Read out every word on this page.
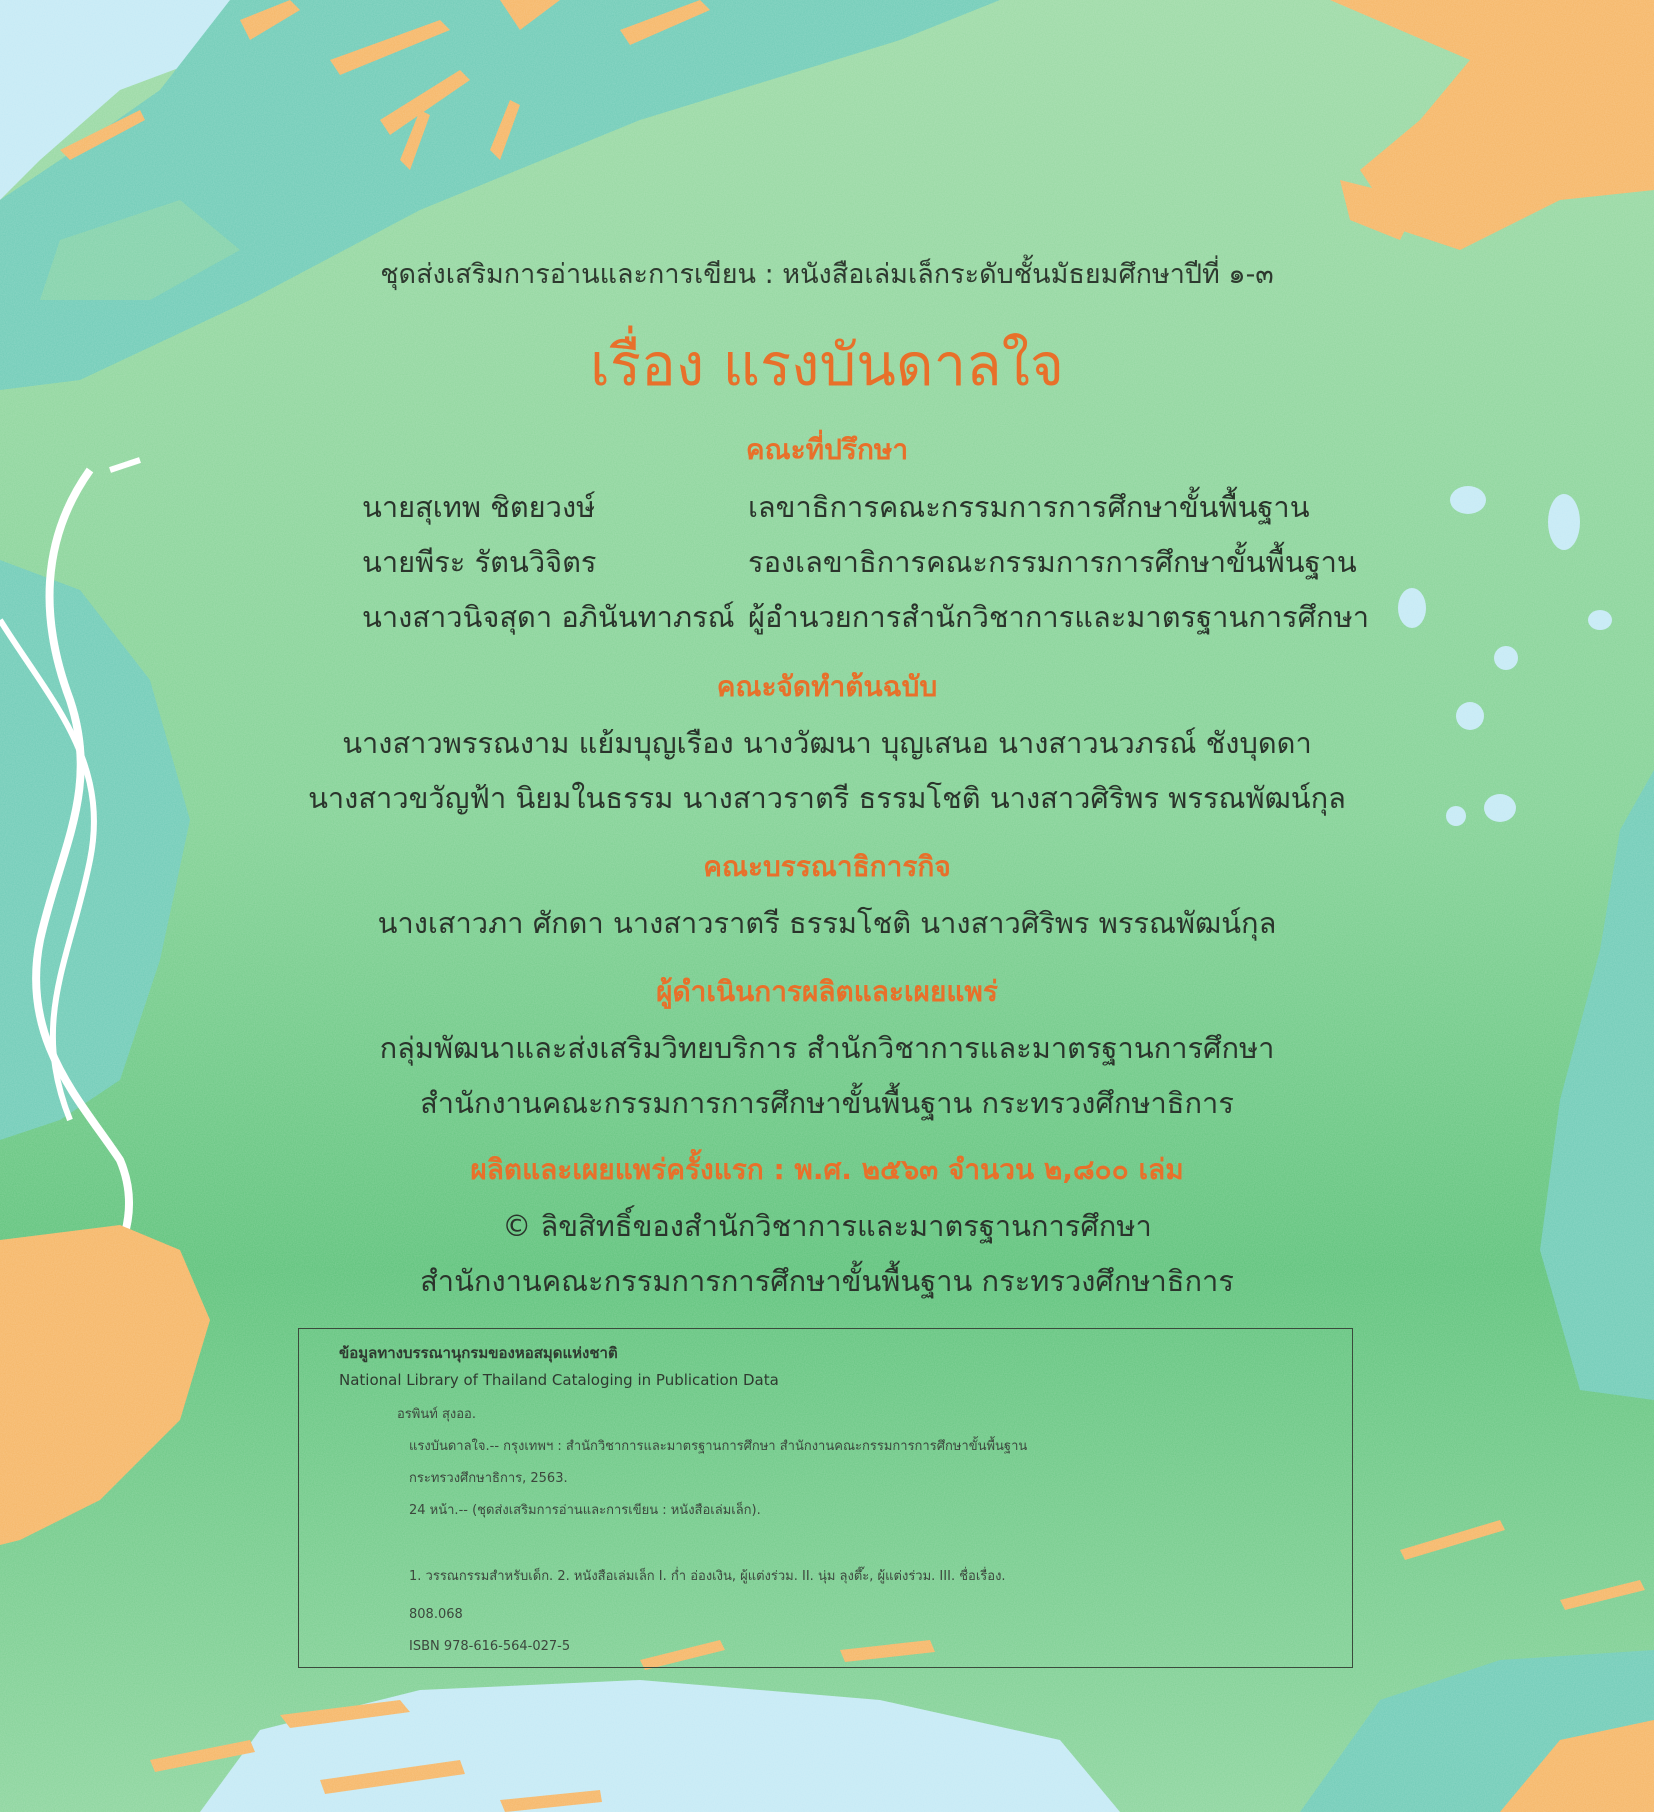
ชุดส่งเสริมการอ่านและการเขียน : หนังสือเล่มเล็กระดับชั้นมัธยมศึกษาปีที่ ๑-๓
เรื่อง แรงบันดาลใจ
คณะที่ปรึกษา
นายสุเทพ ชิตยวงษ์	เลขาธิการคณะกรรมการการศึกษาขั้นพื้นฐาน
นายพีระ รัตนวิจิตร	รองเลขาธิการคณะกรรมการการศึกษาขั้นพื้นฐาน
นางสาวนิจสุดา อภินันทาภรณ์ ผู้อำนวยการสำนักวิชาการและมาตรฐานการศึกษา
คณะจัดทำต้นฉบับ
นางสาวพรรณงาม แย้มบุญเรือง นางวัฒนา บุญเสนอ นางสาวนวภรณ์ ชังบุดดา
นางสาวขวัญฟ้า นิยมในธรรม นางสาวราตรี ธรรมโชติ นางสาวศิริพร พรรณพัฒน์กุล
คณะบรรณาธิการกิจ
นางเสาวภา ศักดา นางสาวราตรี ธรรมโชติ นางสาวศิริพร พรรณพัฒน์กุล
ผู้ดำเนินการผลิตและเผยแพร่
กลุ่มพัฒนาและส่งเสริมวิทยบริการ สำนักวิชาการและมาตรฐานการศึกษา
สำนักงานคณะกรรมการการศึกษาขั้นพื้นฐาน กระทรวงศึกษาธิการ
ผลิตและเผยแพร่ครั้งแรก : พ.ศ. ๒๕๖๓ จำนวน ๒,๘๐๐ เล่ม
© ลิขสิทธิ์ของสำนักวิชาการและมาตรฐานการศึกษา
สำนักงานคณะกรรมการการศึกษาขั้นพื้นฐาน กระทรวงศึกษาธิการ
ข้อมูลทางบรรณานุกรมของหอสมุดแห่งชาติ
National Library of Thailand Cataloging in Publication Data
อรพินท์ สุงออ.
แรงบันดาลใจ.-- กรุงเทพฯ : สำนักวิชาการและมาตรฐานการศึกษา สำนักงานคณะกรรมการการศึกษาขั้นพื้นฐาน
กระทรวงศึกษาธิการ, 2563.
24 หน้า.-- (ชุดส่งเสริมการอ่านและการเขียน : หนังสือเล่มเล็ก).
1. วรรณกรรมสำหรับเด็ก. 2. หนังสือเล่มเล็ก I. ก่ำ อ่องเงิน, ผู้แต่งร่วม. II. นุ่ม ลุงตึ๊ะ, ผู้แต่งร่วม. III. ชื่อเรื่อง.
808.068
ISBN 978-616-564-027-5
